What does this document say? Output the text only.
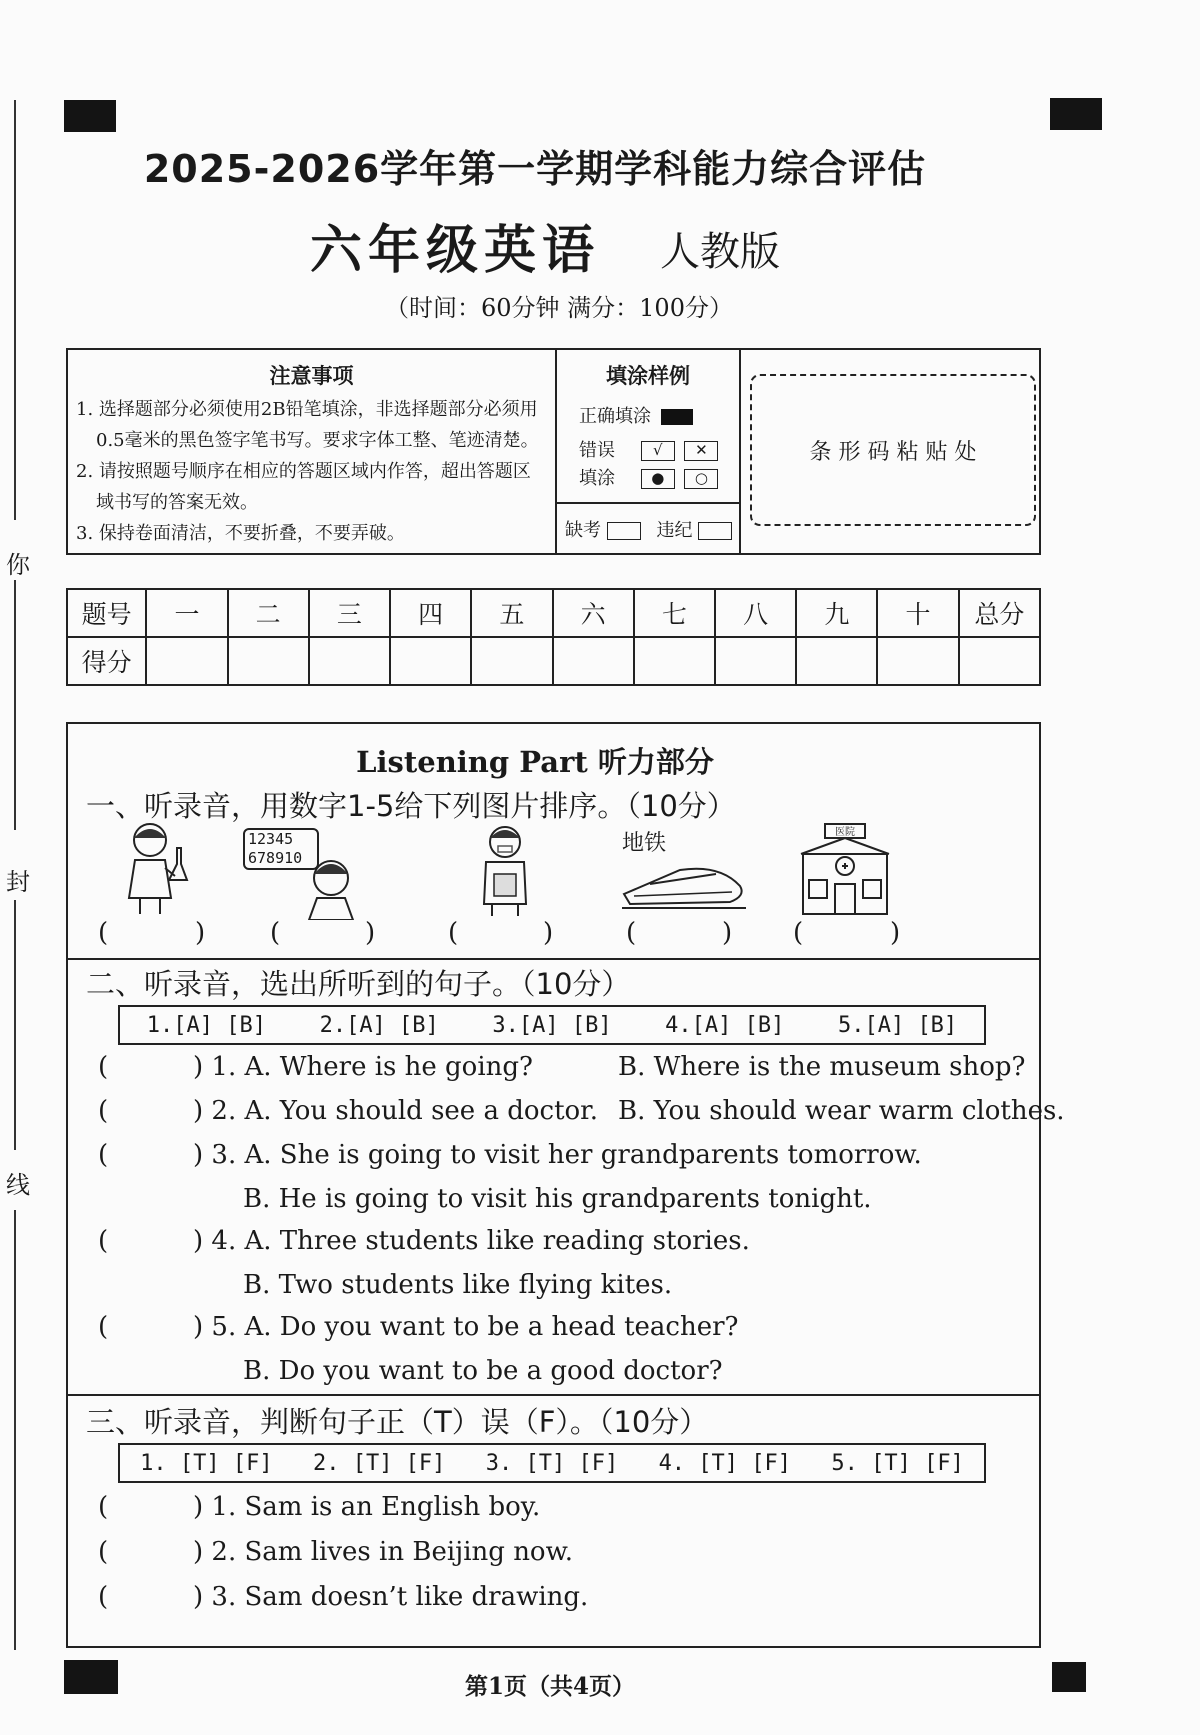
你
封
线
2025-2026学年第一学期学科能力综合评估
六年级英语 人教版
（时间：60分钟 满分：100分）
注意事项

1. 选择题部分必须使用2B铅笔填涂，非选择题部分必须用

0.5毫米的黑色签字笔书写。要求字体工整、笔迹清楚。

2. 请按照题号顺序在相应的答题区域内作答，超出答题区

域书写的答案无效。

3. 保持卷面清洁，不要折叠，不要弄破。

填涂样例
正确填涂
错误	√ ✕
填涂 ● ○
缺考	违纪
条 形 码 粘 贴 处
题号	一	二	三	四	五	六	七	八	九	十	总分
得分											
Listening Part 听力部分
一、听录音，用数字1-5给下列图片排序。（10分）
12345
678910
地铁	医院
(	) (	)	(	)	(	) (	)
二、听录音，选出所听到的句子。（10分）
1.[A] [B] 2.[A] [B] 3.[A] [B] 4.[A] [B] 5.[A] [B]
(	) 1. A. Where is he going?	B. Where is the museum shop?
(	) 2. A. You should see a doctor. B. You should wear warm clothes.
(	) 3. A. She is going to visit her grandparents tomorrow.
B. He is going to visit his grandparents tonight.
(	) 4. A. Three students like reading stories.
B. Two students like flying kites.
(	) 5. A. Do you want to be a head teacher?
B. Do you want to be a good doctor?
三、听录音，判断句子正（T）误（F）。（10分）
1. [T] [F] 2. [T] [F] 3. [T] [F] 4. [T] [F] 5. [T] [F]
(	) 1. Sam is an English boy.
(	) 2. Sam lives in Beijing now.
(	) 3. Sam doesn’t like drawing.
第1页（共4页）
